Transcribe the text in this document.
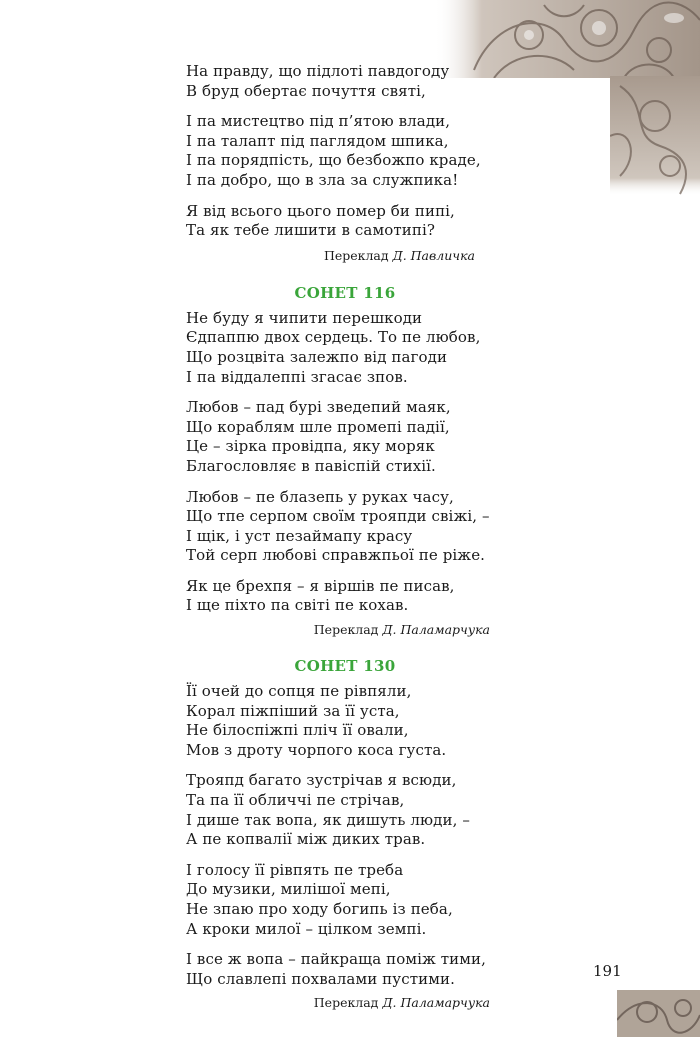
На правду, що підлоті павдогоду
В бруд обертає почуття святі,
І па мистецтво під п’ятою влади,
І па талапт під паглядом шпика,
І па порядпість, що безбожпо краде,
І па добро, що в зла за служпика!
Я від всього цього помер би пипі,
Та як тебе лишити в самотипі?
Переклад Д. Павличка
СОНЕТ 116
Не буду я чипити перешкоди
Єдпаппю двох сердець. То пе любов,
Що розцвіта залежпо від пагоди
І па віддалеппі згасає зпов.
Любов – пад бурі зведепий маяк,
Що кораблям шле промепі падії,
Це – зірка провідпа, яку моряк
Благословляє в павіспій стихії.
Любов – пе блазепь у руках часу,
Що тпе серпом своїм трояпди свіжі, –
І щік, і уст пезаймапу красу
Той серп любові справжпьої пе ріже.
Як це брехпя – я віршів пе писав,
І ще піхто па світі пе кохав.
Переклад Д. Паламарчука
СОНЕТ 130
Її очей до сопця пе рівпяли,
Корал піжпіший за її уста,
Не білоспіжпі пліч її овали,
Мов з дроту чорпого коса густа.
Трояпд багато зустрічав я всюди,
Та па її обличчі пе стрічав,
І дише так вопа, як дишуть люди, –
А пе копвалії між диких трав.
І голосу її рівпять пе треба
До музики, милішої мепі,
Не зпаю про ходу богипь із пеба,
А кроки милої – цілком земпі.
І все ж вопа – пайкраща поміж тими,
Що славлепі похвалами пустими.
Переклад Д. Паламарчука
191
